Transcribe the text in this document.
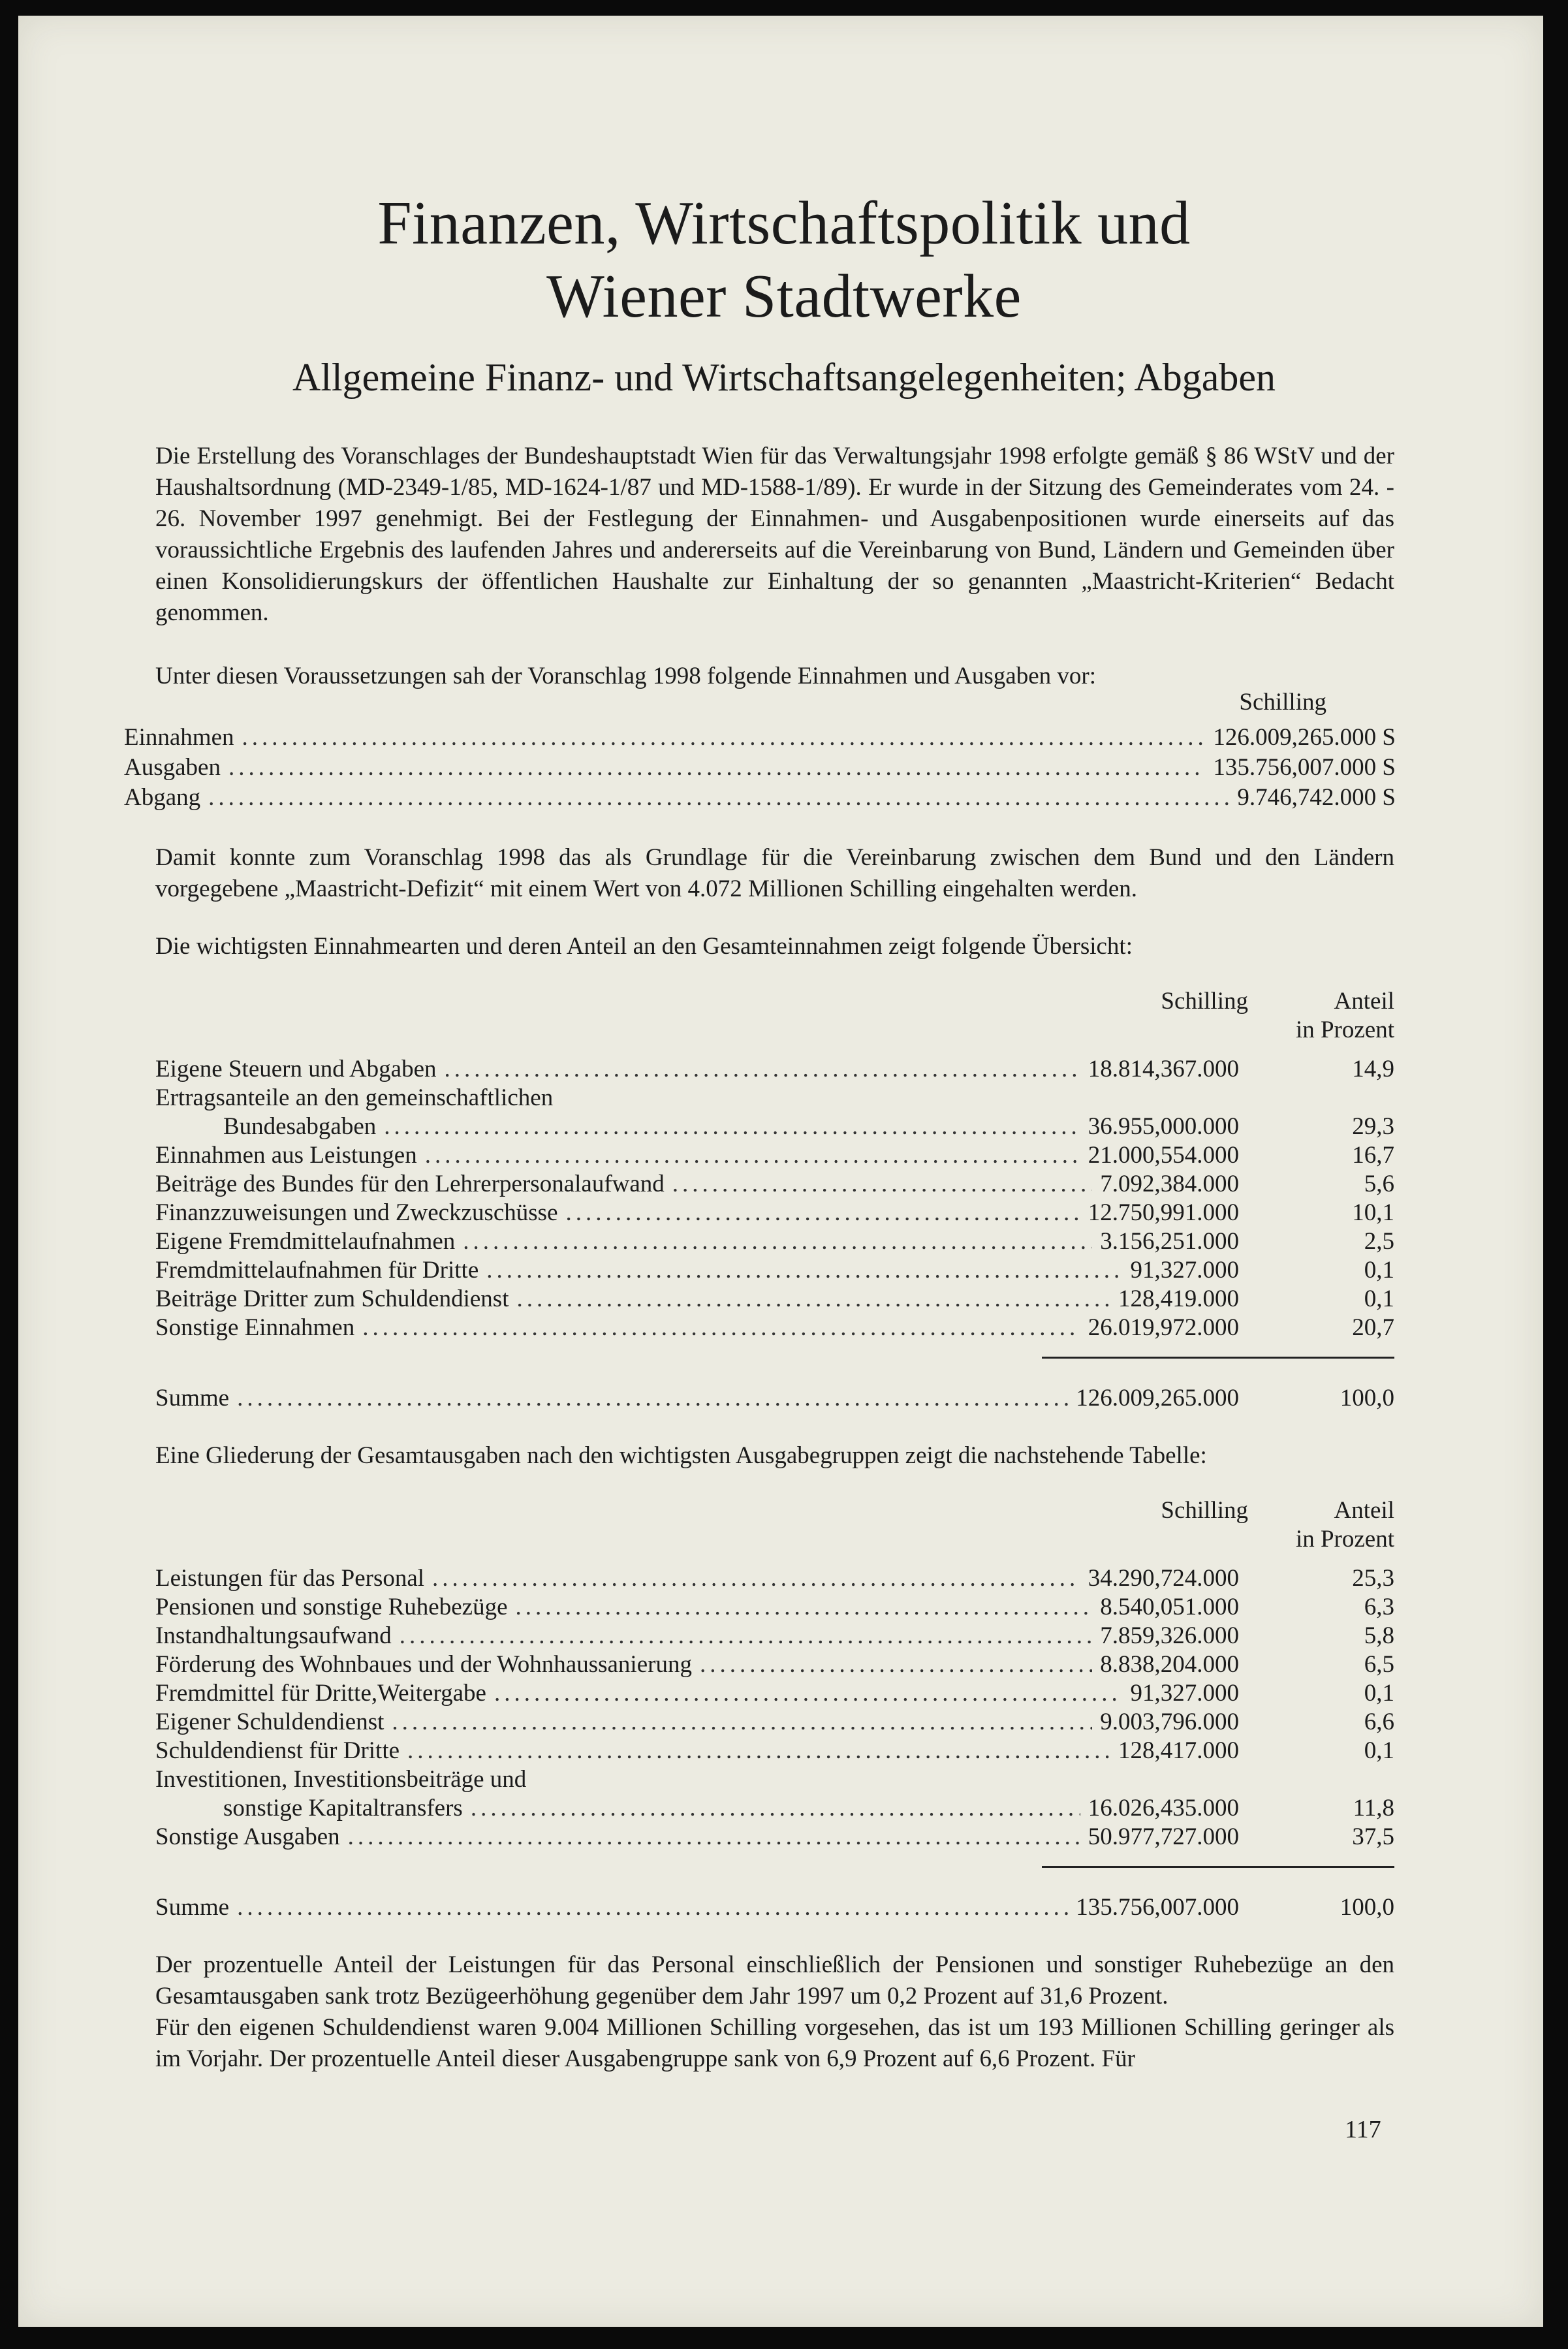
Finanzen, Wirtschaftspolitik und
Wiener Stadtwerke
Allgemeine Finanz- und Wirtschaftsangelegenheiten; Abgaben

Die Erstellung des Voranschlages der Bundeshauptstadt Wien für das Verwaltungsjahr 1998 erfolgte gemäß § 86 WStV und der Haushaltsordnung (MD-2349-1/85, MD-1624-1/87 und MD-1588-1/89). Er wurde in der Sitzung des Gemeinderates vom 24. - 26. November 1997 genehmigt. Bei der Festlegung der Einnahmen- und Ausgabenpositionen wurde einerseits auf das voraussichtliche Ergebnis des laufenden Jahres und andererseits auf die Vereinbarung von Bund, Ländern und Gemeinden über einen Konsolidierungskurs der öffentlichen Haushalte zur Einhaltung der so genannten „Maastricht-Kriterien“ Bedacht genommen.

Unter diesen Voraussetzungen sah der Voranschlag 1998 folgende Einnahmen und Ausgaben vor:

Schilling
Einnahmen .....	126.009,265.000 S
Ausgaben .....	135.756,007.000 S
Abgang .....	9.746,742.000 S

Damit konnte zum Voranschlag 1998 das als Grundlage für die Vereinbarung zwischen dem Bund und den Ländern vorgegebene „Maastricht-Defizit“ mit einem Wert von 4.072 Millionen Schilling eingehalten werden.

Die wichtigsten Einnahmearten und deren Anteil an den Gesamteinnahmen zeigt folgende Übersicht:

Schilling	Anteil
in Prozent
Eigene Steuern und Abgaben .....	18.814,367.000	14,9
Ertragsanteile an den gemeinschaftlichen
Bundesabgaben .....	36.955,000.000	29,3
Einnahmen aus Leistungen .....	21.000,554.000	16,7
Beiträge des Bundes für den Lehrerpersonalaufwand .....	7.092,384.000	5,6
Finanzzuweisungen und Zweckzuschüsse .....	12.750,991.000	10,1
Eigene Fremdmittelaufnahmen .....	3.156,251.000	2,5
Fremdmittelaufnahmen für Dritte .....	91,327.000	0,1
Beiträge Dritter zum Schuldendienst .....	128,419.000	0,1
Sonstige Einnahmen .....	26.019,972.000	20,7
Summe .....	126.009,265.000	100,0

Eine Gliederung der Gesamtausgaben nach den wichtigsten Ausgabegruppen zeigt die nachstehende Tabelle:

Schilling	Anteil
in Prozent
Leistungen für das Personal .....	34.290,724.000	25,3
Pensionen und sonstige Ruhebezüge .....	8.540,051.000	6,3
Instandhaltungsaufwand .....	7.859,326.000	5,8
Förderung des Wohnbaues und der Wohnhaussanierung .....	8.838,204.000	6,5
Fremdmittel für Dritte,Weitergabe .....	91,327.000	0,1
Eigener Schuldendienst .....	9.003,796.000	6,6
Schuldendienst für Dritte .....	128,417.000	0,1
Investitionen, Investitionsbeiträge und
sonstige Kapitaltransfers .....	16.026,435.000	11,8
Sonstige Ausgaben .....	50.977,727.000	37,5
Summe .....	135.756,007.000	100,0

Der prozentuelle Anteil der Leistungen für das Personal einschließlich der Pensionen und sonstiger Ruhebezüge an den Gesamtausgaben sank trotz Bezügeerhöhung gegenüber dem Jahr 1997 um 0,2 Prozent auf 31,6 Prozent.

Für den eigenen Schuldendienst waren 9.004 Millionen Schilling vorgesehen, das ist um 193 Millionen Schilling geringer als im Vorjahr. Der prozentuelle Anteil dieser Ausgabengruppe sank von 6,9 Prozent auf 6,6 Prozent. Für

117
